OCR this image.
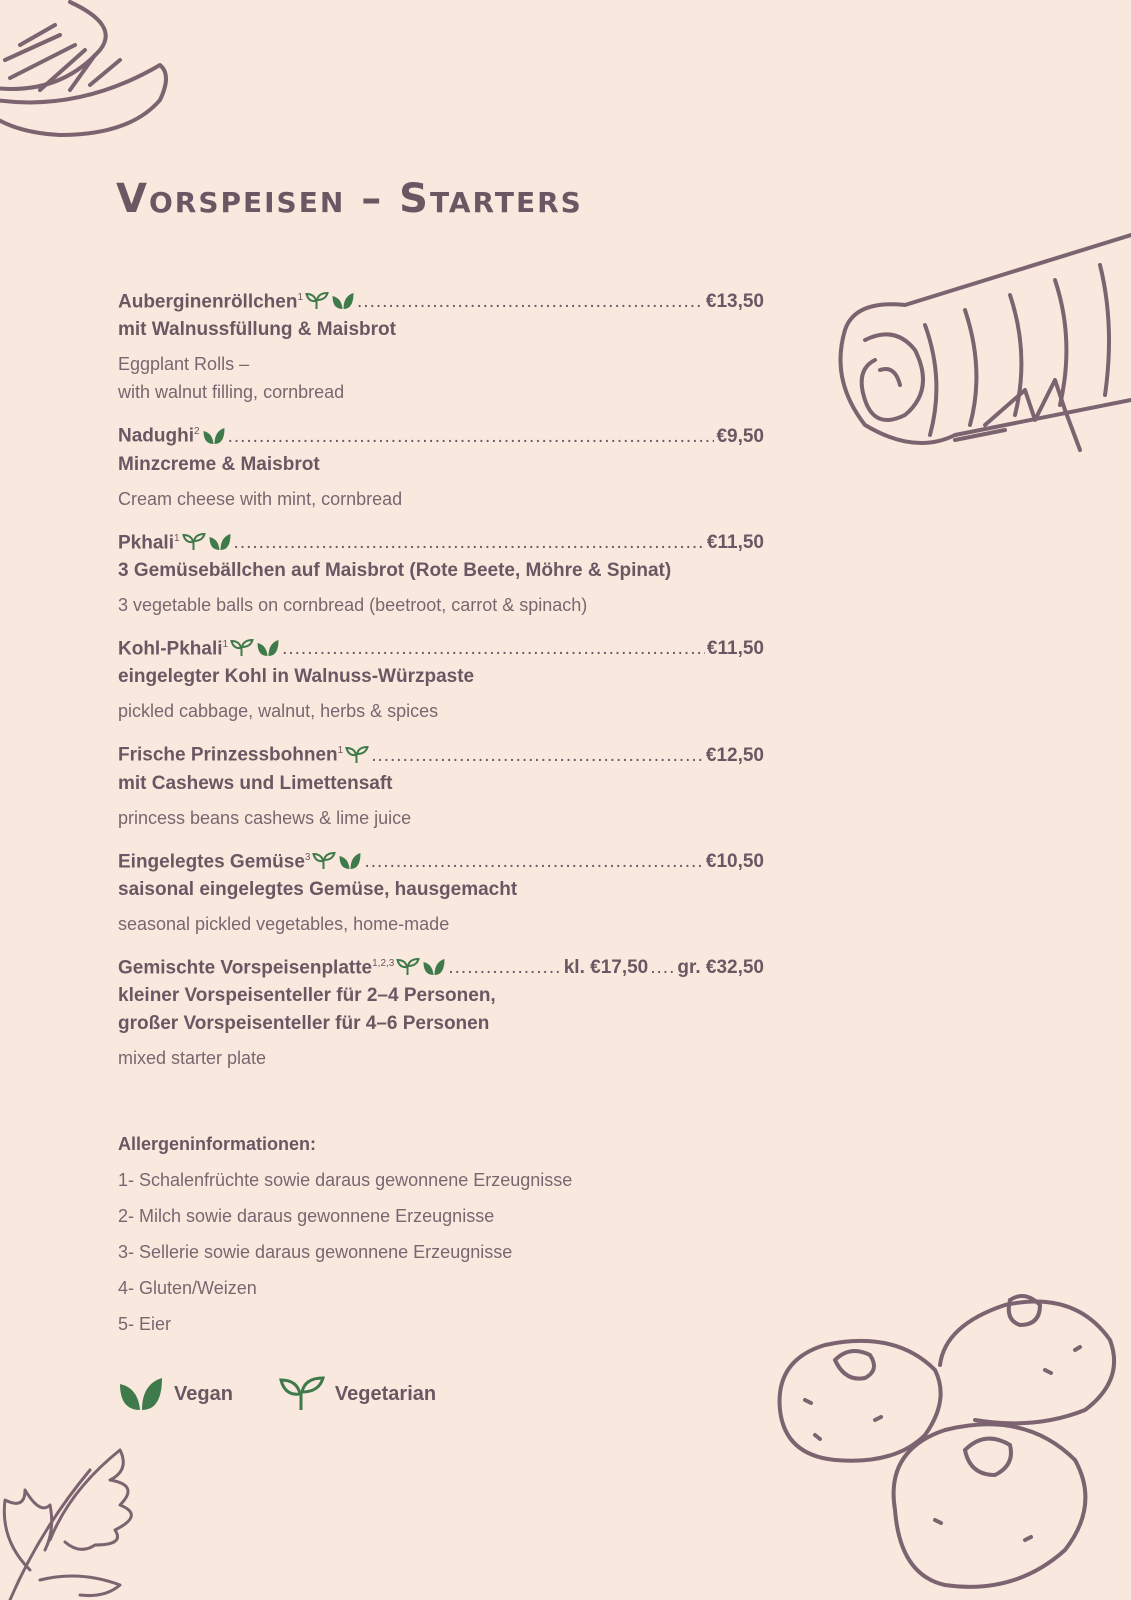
Vorspeisen – Starters
Auberginenröllchen$^1$ .....	€13,50
mit Walnussfüllung & Maisbrot
Eggplant Rolls –
with walnut filling, cornbread
Nadughi$^2$ .....	€9,50
Minzcreme & Maisbrot
Cream cheese with mint, cornbread
Pkhali$^1$ .....	€11,50
3 Gemüsebällchen auf Maisbrot (Rote Beete, Möhre & Spinat)
3 vegetable balls on cornbread (beetroot, carrot & spinach)
Kohl-Pkhali$^1$ .....	€11,50
eingelegter Kohl in Walnuss-Würzpaste
pickled cabbage, walnut, herbs & spices
Frische Prinzessbohnen$^1$ .....	€12,50
mit Cashews und Limettensaft
princess beans cashews & lime juice
Eingelegtes Gemüse$^3$ .....	€10,50
saisonal eingelegtes Gemüse, hausgemacht
seasonal pickled vegetables, home-made
Gemischte Vorspeisenplatte$^{1,2,3}$ .....	kl. €17,50 .... gr. €32,50
kleiner Vorspeisenteller für 2–4 Personen,
großer Vorspeisenteller für 4–6 Personen
mixed starter plate
Allergeninformationen:
1- Schalenfrüchte sowie daraus gewonnene Erzeugnisse
2- Milch sowie daraus gewonnene Erzeugnisse
3- Sellerie sowie daraus gewonnene Erzeugnisse
4- Gluten/Weizen
5- Eier
Vegan	Vegetarian
